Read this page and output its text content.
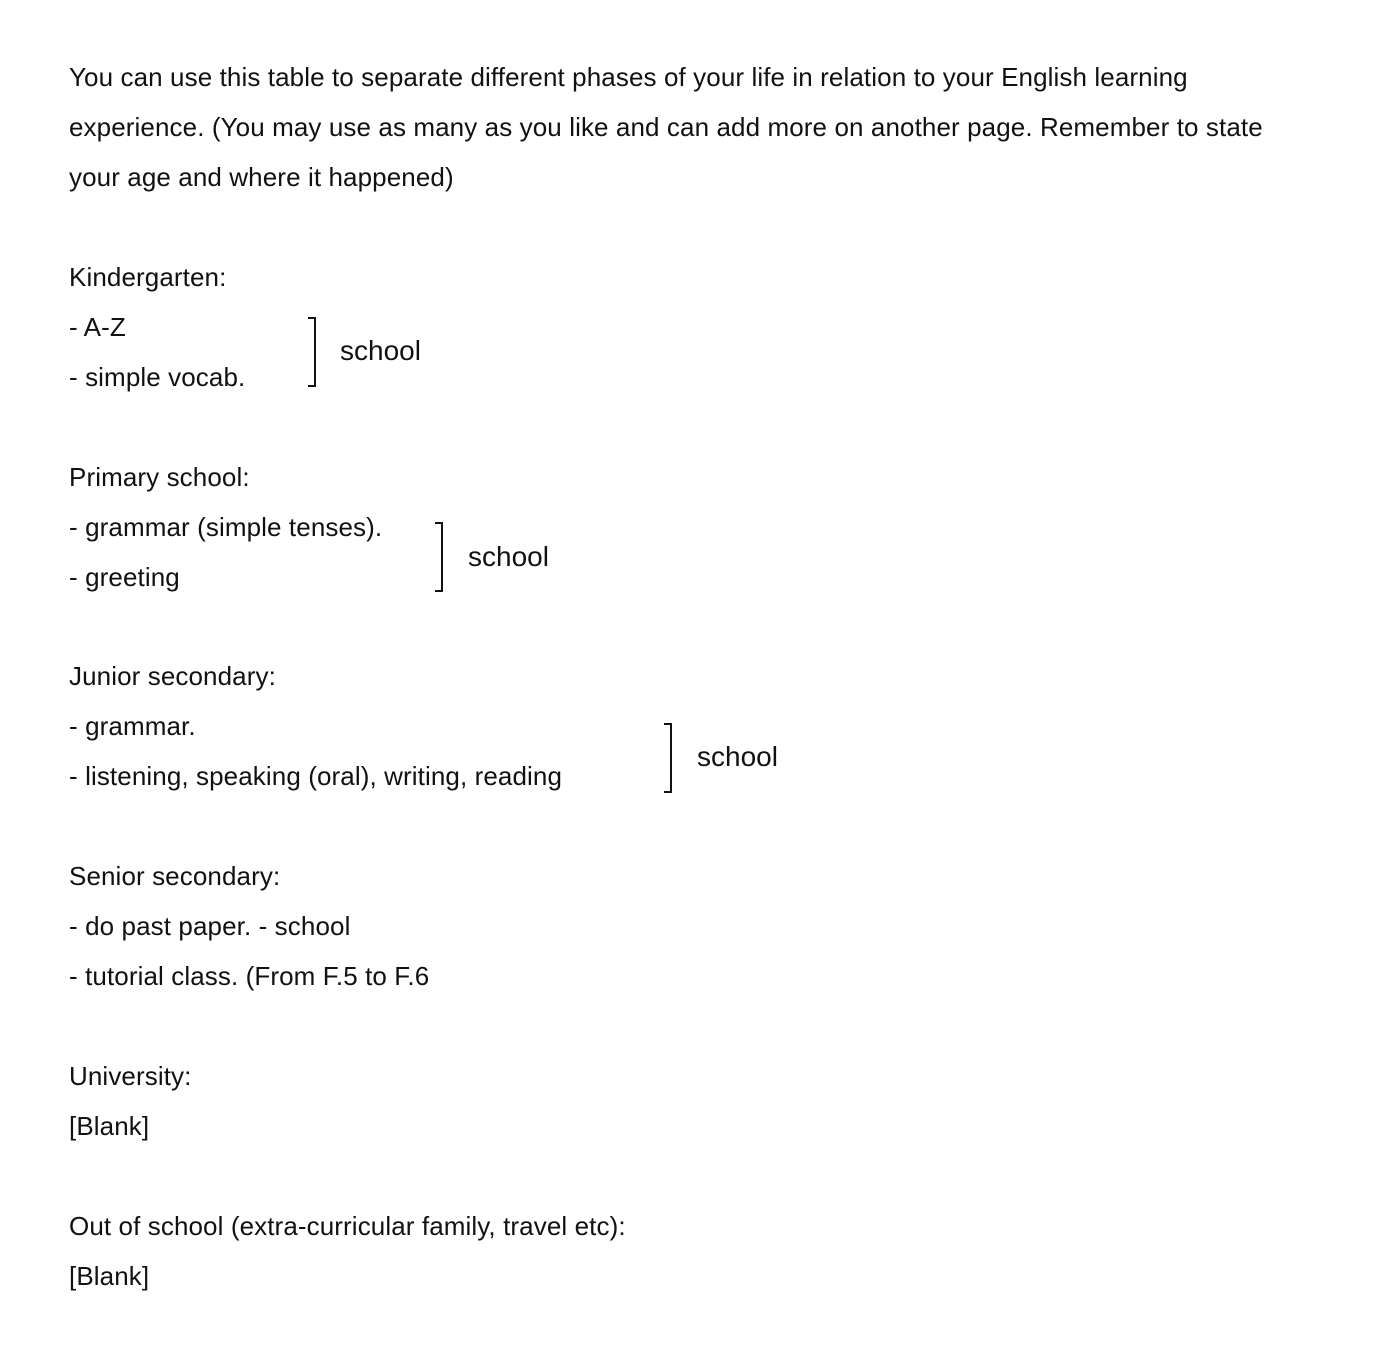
You can use this table to separate different phases of your life in relation to your English learning
experience. (You may use as many as you like and can add more on another page. Remember to state
your age and where it happened)
Kindergarten:
- A-Z
- simple vocab.
school
Primary school:
- grammar (simple tenses).
- greeting
school
Junior secondary:
- grammar.
- listening, speaking (oral), writing, reading
school
Senior secondary:
- do past paper. - school
- tutorial class. (From F.5 to F.6
University:
[Blank]
Out of school (extra-curricular family, travel etc):
[Blank]
